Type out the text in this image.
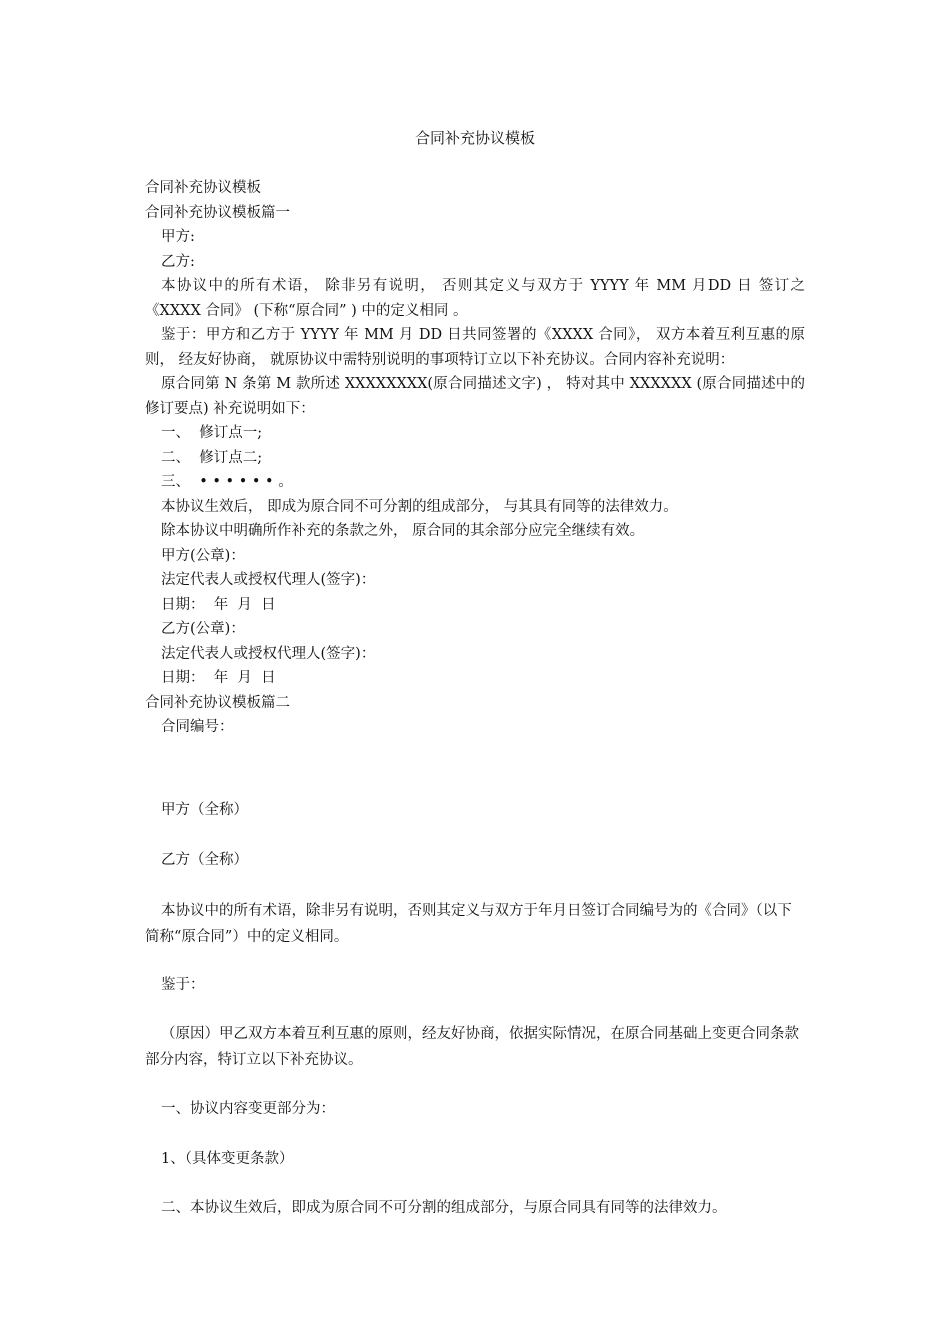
合同补充协议模板

合同补充协议模板

合同补充协议模板篇一

甲方:

乙方:

本协议中的所有术语， 除非另有说明， 否则其定义与双方于 YYYY 年 MM 月DD 日 签订之《XXXX 合同》 (下称“原合同” ) 中的定义相同 。

鉴于：甲方和乙方于 YYYY 年 MM 月 DD 日共同签署的《XXXX 合同》， 双方本着互利互惠的原则， 经友好协商， 就原协议中需特别说明的事项特订立以下补充协议。合同内容补充说明：

原合同第 N 条第 M 款所述 XXXXXXXX(原合同描述文字) ， 特对其中 XXXXXX (原合同描述中的修订要点) 补充说明如下：

一、  修订点一;

二、  修订点二;

三、  • • • • • • 。

本协议生效后， 即成为原合同不可分割的组成部分， 与其具有同等的法律效力。

除本协议中明确所作补充的条款之外， 原合同的其余部分应完全继续有效。

甲方(公章)：

法定代表人或授权代理人(签字)：

日期：  年  月  日

乙方(公章)：

法定代表人或授权代理人(签字)：

日期：  年  月  日

合同补充协议模板篇二

合同编号：

甲方（全称）

乙方（全称）

本协议中的所有术语，除非另有说明，否则其定义与双方于年月日签订合同编号为的《合同》（以下简称“原合同”）中的定义相同。

鉴于：

（原因）甲乙双方本着互利互惠的原则，经友好协商，依据实际情况，在原合同基础上变更合同条款部分内容，特订立以下补充协议。

一、协议内容变更部分为：

1、（具体变更条款）

二、本协议生效后，即成为原合同不可分割的组成部分，与原合同具有同等的法律效力。
